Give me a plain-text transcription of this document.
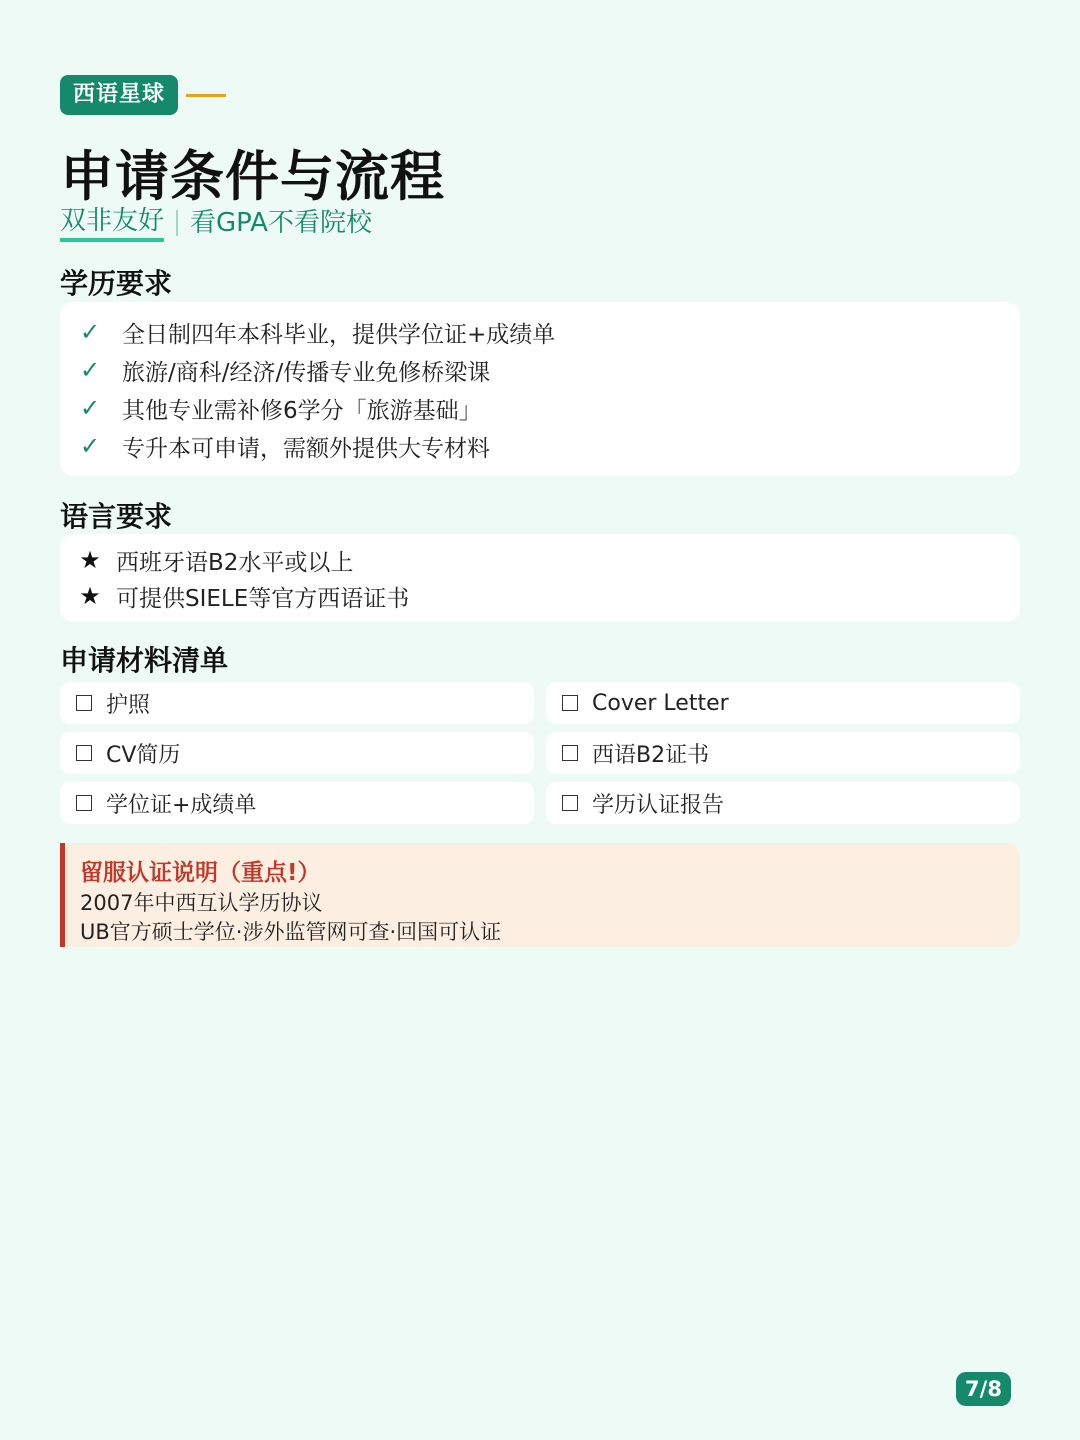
西语星球
申请条件与流程
双非友好 看GPA不看院校
学历要求
✓ 全日制四年本科毕业，提供学位证+成绩单
✓ 旅游/商科/经济/传播专业免修桥梁课
✓ 其他专业需补修6学分「旅游基础」
✓ 专升本可申请，需额外提供大专材料
语言要求
★ 西班牙语B2水平或以上
★ 可提供SIELE等官方西语证书
申请材料清单
护照	Cover Letter
CV简历	西语B2证书
学位证+成绩单	学历认证报告
留服认证说明（重点!）
2007年中西互认学历协议
UB官方硕士学位·涉外监管网可查·回国可认证
7/8
